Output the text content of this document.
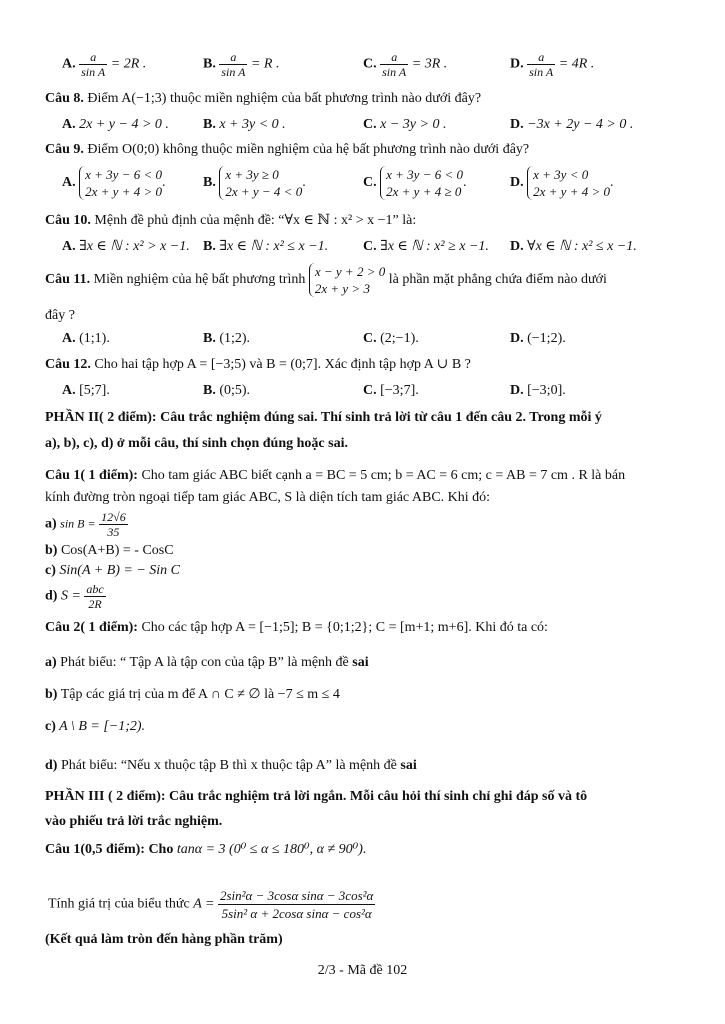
A. $\frac{a}{\text{sin A}} = 2R$ .	B. $\frac{a}{\text{sin A}} = R$ .	C. $\frac{a}{\text{sin A}} = 3R$ .	D. $\frac{a}{\text{sin A}} = 4R$ .
Câu 8. Điểm A(−1;3) thuộc miền nghiệm của bất phương trình nào dưới đây?
A. 2x + y − 4 > 0 . B. x + 3y < 0 .	C. x − 3y > 0 .	D. −3x + 2y − 4 > 0 .
Câu 9. Điểm O(0;0) không thuộc miền nghiệm của hệ bất phương trình nào dưới đây?
A.
x + 3y − 6 < 0
2x + y + 4 > 0
.	B.
x + 3y ≥ 0
2x + y − 4 < 0
.	C.
x + 3y − 6 < 0
2x + y + 4 ≥ 0
.	D.
x + 3y < 0
2x + y + 4 > 0
.
Câu 10. Mệnh đề phủ định của mệnh đề: “∀x ∈ ℕ : x² > x −1” là:
A. ∃x ∈ ℕ : x² > x −1. B. ∃x ∈ ℕ : x² ≤ x −1. C. ∃x ∈ ℕ : x² ≥ x −1. D. ∀x ∈ ℕ : x² ≤ x −1.
Câu 11. Miền nghiệm của hệ bất phương trình
x − y + 2 > 0
2x + y > 3
là phần mặt phẳng chứa điểm nào dưới
đây ?
A. (1;1).	B. (1;2).	C. (2;−1).	D. (−1;2).
Câu 12. Cho hai tập hợp A = [−3;5) và B = (0;7]. Xác định tập hợp A ∪ B ?
A. [5;7].	B. (0;5).	C. [−3;7].	D. [−3;0].
PHẦN II( 2 điểm): Câu trắc nghiệm đúng sai. Thí sinh trả lời từ câu 1 đến câu 2. Trong mỗi ý
a), b), c), d) ở mỗi câu, thí sinh chọn đúng hoặc sai.
Câu 1( 1 điểm): Cho tam giác ABC biết cạnh a = BC = 5 cm; b = AC = 6 cm; c = AB = 7 cm . R là bán
kính đường tròn ngoại tiếp tam giác ABC, S là diện tích tam giác ABC. Khi đó:
a) $\sin B = \frac{12√6}{35}$
b) Cos(A+B) = - CosC
c) Sin(A + B) = − Sin C
d) $S = \frac{\text{abc}}{2R}$
Câu 2( 1 điểm): Cho các tập hợp A = [−1;5]; B = {0;1;2}; C = [m+1; m+6]. Khi đó ta có:
a) Phát biểu: “ Tập A là tập con của tập B” là mệnh đề sai
b) Tập các giá trị của m để A ∩ C ≠ ∅ là −7 ≤ m ≤ 4
c) A \ B = [−1;2).
d) Phát biểu: “Nếu x thuộc tập B thì x thuộc tập A” là mệnh đề sai
PHẦN III ( 2 điểm): Câu trắc nghiệm trả lời ngắn. Mỗi câu hỏi thí sinh chỉ ghi đáp số và tô
vào phiếu trả lời trắc nghiệm.
Câu 1(0,5 điểm): Cho tanα = 3 (0⁰ ≤ α ≤ 180⁰, α ≠ 90⁰).
Tính giá trị của biểu thức $A = \frac{\text{2sin²α − 3cosα sinα − 3cos²α}}{\text{5sin² α + 2cosα sinα − cos²α}}$
(Kết quả làm tròn đến hàng phần trăm)
2/3 - Mã đề 102
